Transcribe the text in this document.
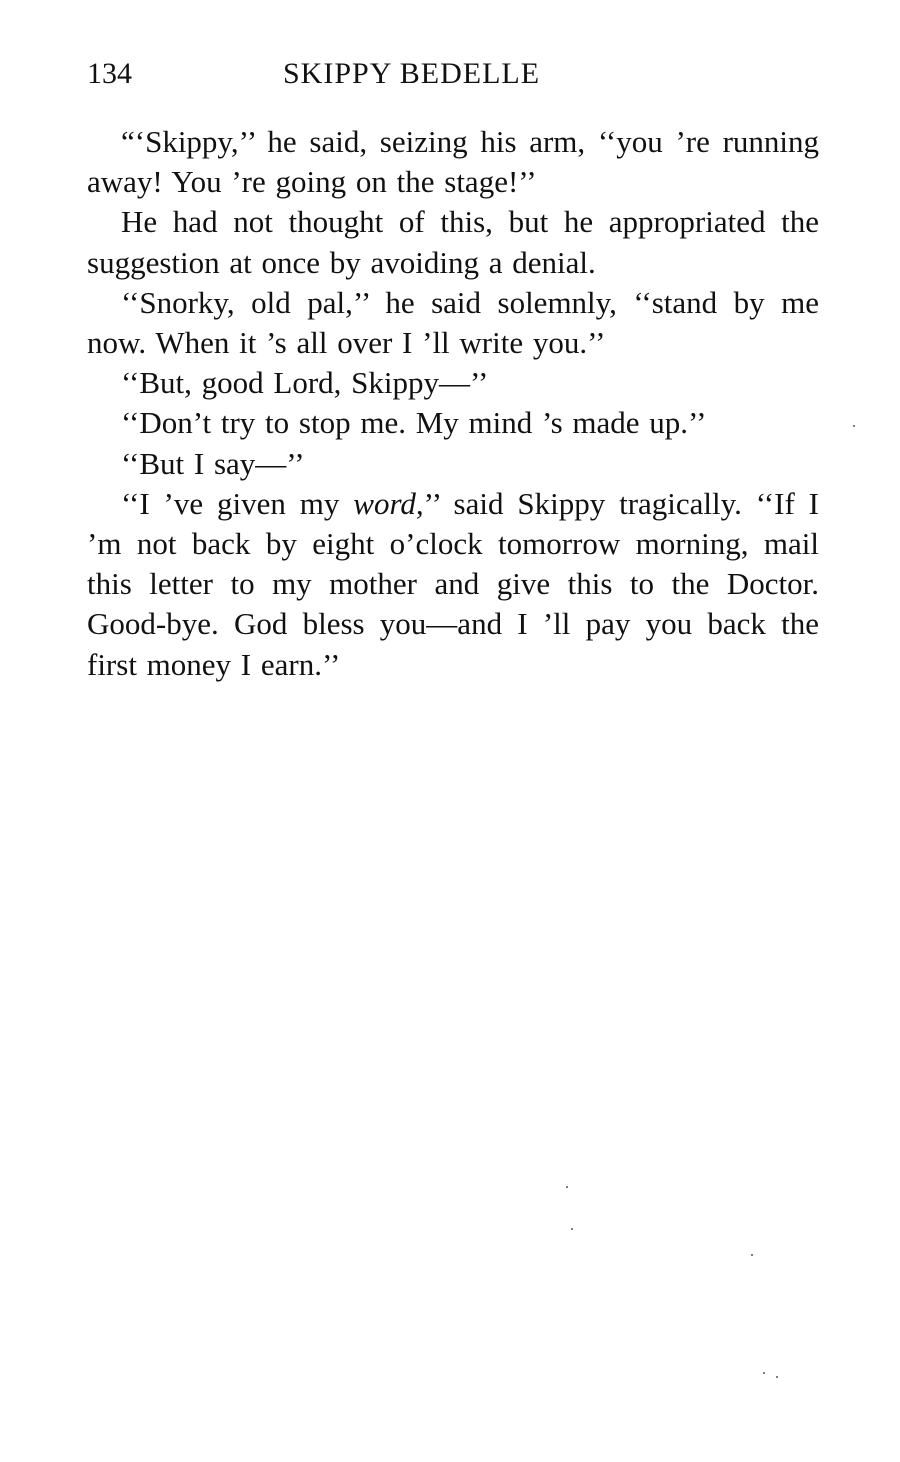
134	SKIPPY BEDELLE

“‘Skippy,’’ he said, seizing his arm, ‘‘you ’re running away! You ’re going on the stage!’’

He had not thought of this, but he appropriated the suggestion at once by avoiding a denial.

‘‘Snorky, old pal,’’ he said solemnly, ‘‘stand by me now. When it ’s all over I ’ll write you.’’

‘‘But, good Lord, Skippy—’’

‘‘Don’t try to stop me. My mind ’s made up.’’

‘‘But I say—’’

‘‘I ’ve given my word,’’ said Skippy tragically. ‘‘If I ’m not back by eight o’clock tomorrow morning, mail this letter to my mother and give this to the Doctor. Good-bye. God bless you—and I ’ll pay you back the first money I earn.’’
